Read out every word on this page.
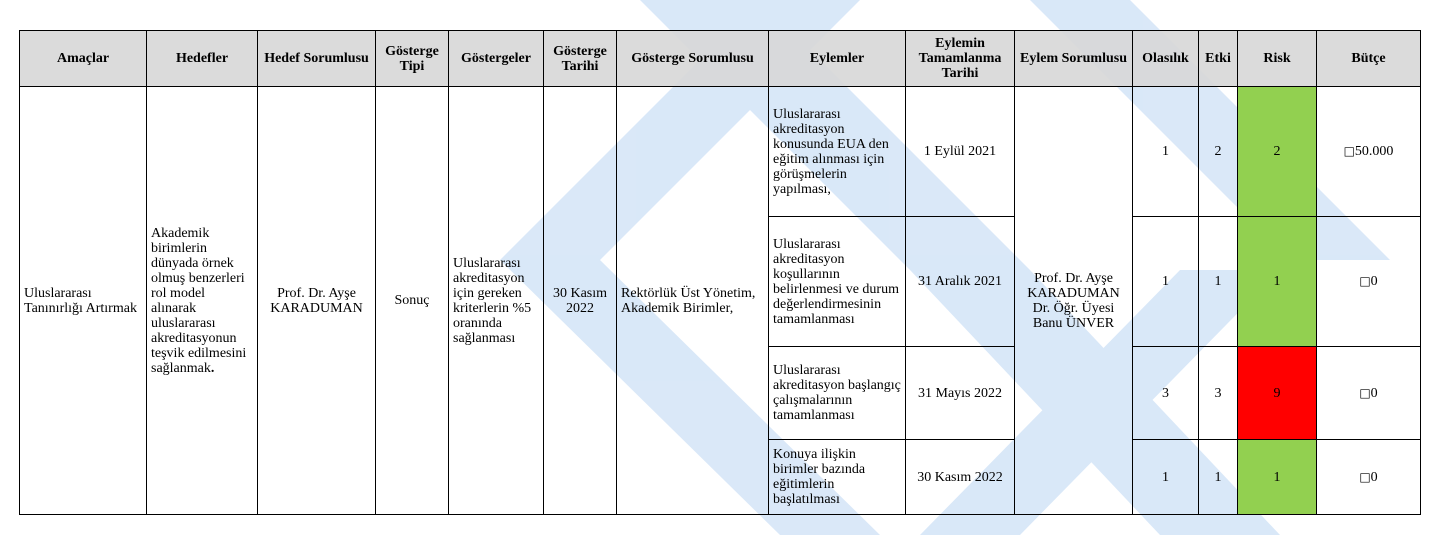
Amaçlar	Hedefler	Hedef Sorumlusu	Gösterge Tipi	Göstergeler	Gösterge Tarihi	Gösterge Sorumlusu	Eylemler	Eylemin Tamamlanma Tarihi	Eylem Sorumlusu	Olasılık	Etki	Risk	Bütçe
Uluslararası Tanınırlığı Artırmak	Akademik birimlerin dünyada örnek olmuş benzerleri rol model alınarak uluslararası akreditasyonun teşvik edilmesini sağlanmak.	Prof. Dr. Ayşe KARADUMAN	Sonuç	Uluslararası akreditasyon için gereken kriterlerin %5 oranında sağlanması	30 Kasım 2022	Rektörlük Üst Yönetim, Akademik Birimler,	Uluslararası akreditasyon konusunda EUA den eğitim alınması için görüşmelerin yapılması,	1 Eylül 2021	Prof. Dr. Ayşe KARADUMAN Dr. Öğr. Üyesi Banu ÜNVER	1	2	2	□50.000
							Uluslararası akreditasyon koşullarının belirlenmesi ve durum değerlendirmesinin tamamlanması	31 Aralık 2021		1	1	1	□0
							Uluslararası akreditasyon başlangıç çalışmalarının tamamlanması	31 Mayıs 2022		3	3	9	□0
							Konuya ilişkin birimler bazında eğitimlerin başlatılması	30 Kasım 2022		1	1	1	□0
